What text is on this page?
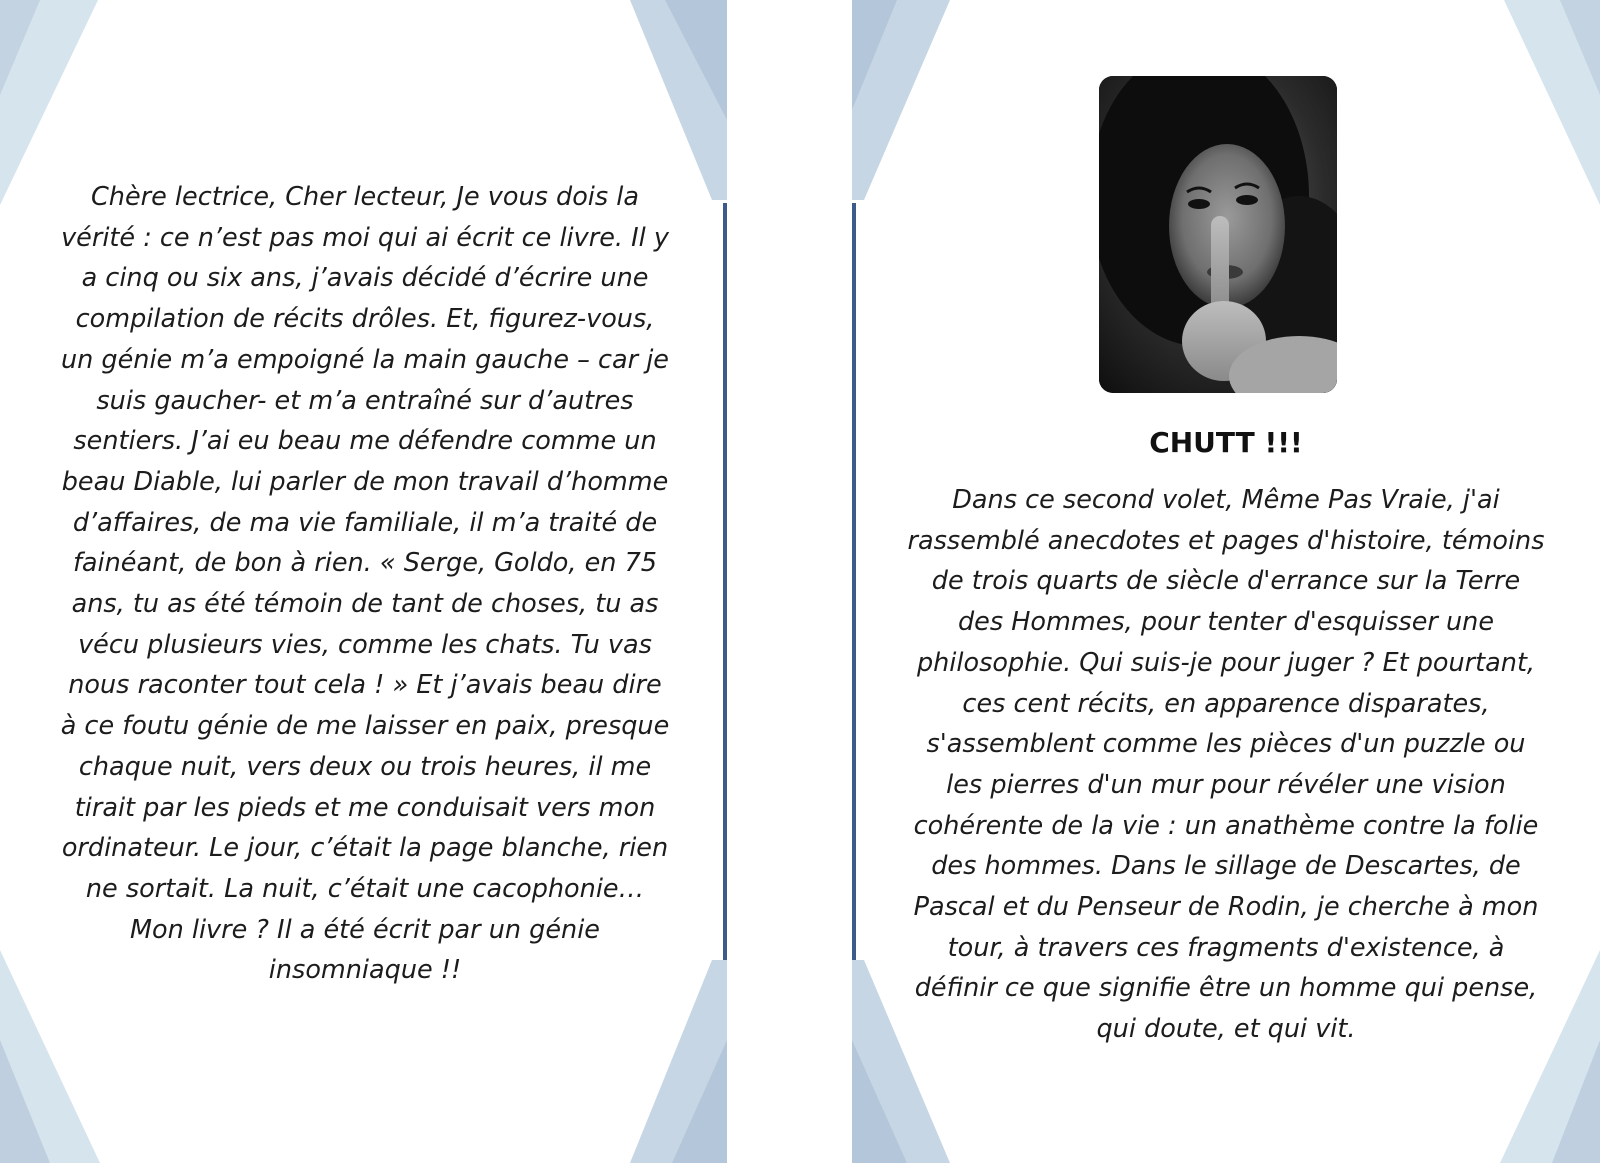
Chère lectrice, Cher lecteur, Je vous dois la vérité : ce n’est pas moi qui ai écrit ce livre. Il y a cinq ou six ans, j’avais décidé d’écrire une compilation de récits drôles. Et, figurez-vous, un génie m’a empoigné la main gauche – car je suis gaucher- et m’a entraîné sur d’autres sentiers. J’ai eu beau me défendre comme un beau Diable, lui parler de mon travail d’homme d’affaires, de ma vie familiale, il m’a traité de fainéant, de bon à rien. « Serge, Goldo, en 75 ans, tu as été témoin de tant de choses, tu as vécu plusieurs vies, comme les chats. Tu vas nous raconter tout cela ! » Et j’avais beau dire à ce foutu génie de me laisser en paix, presque chaque nuit, vers deux ou trois heures, il me tirait par les pieds et me conduisait vers mon ordinateur. Le jour, c’était la page blanche, rien ne sortait. La nuit, c’était une cacophonie… Mon livre ? Il a été écrit par un génie insomniaque !!

CHUTT !!!

Dans ce second volet, Même Pas Vraie, j'ai rassemblé anecdotes et pages d'histoire, témoins de trois quarts de siècle d'errance sur la Terre des Hommes, pour tenter d'esquisser une philosophie. Qui suis-je pour juger ? Et pourtant, ces cent récits, en apparence disparates, s'assemblent comme les pièces d'un puzzle ou les pierres d'un mur pour révéler une vision cohérente de la vie : un anathème contre la folie des hommes. Dans le sillage de Descartes, de Pascal et du Penseur de Rodin, je cherche à mon tour, à travers ces fragments d'existence, à définir ce que signifie être un homme qui pense, qui doute, et qui vit.
